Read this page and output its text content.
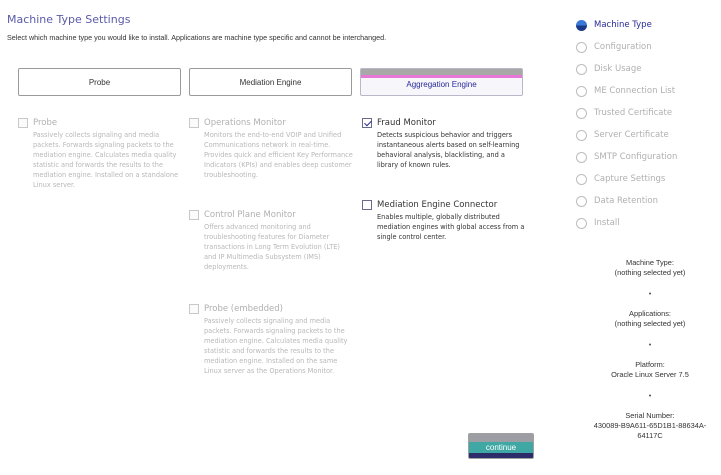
Machine Type Settings
Select which machine type you would like to install. Applications are machine type specific and cannot be interchanged.
Probe	Mediation Engine	Aggregation Engine
Probe
Passively collects signaling and media packets. Forwards signaling packets to the mediation engine. Calculates media quality statistic and forwards the results to the mediation engine. Installed on a standalone Linux server.
Operations Monitor
Monitors the end-to-end VOIP and Unified Communications network in real-time. Provides quick and efficient Key Performance Indicators (KPIs) and enables deep customer troubleshooting.
Control Plane Monitor
Offers advanced monitoring and troubleshooting features for Diameter transactions in Long Term Evolution (LTE) and IP Multimedia Subsystem (IMS) deployments.
Probe (embedded)
Passively collects signaling and media packets. Forwards signaling packets to the mediation engine. Calculates media quality statistic and forwards the results to the mediation engine. Installed on the same Linux server as the Operations Monitor.
Fraud Monitor
Detects suspicious behavior and triggers instantaneous alerts based on self-learning behavioral analysis, blacklisting, and a library of known rules.
Mediation Engine Connector
Enables multiple, globally distributed mediation engines with global access from a single control center.
Machine Type
Configuration
Disk Usage
ME Connection List
Trusted Certificate
Server Certificate
SMTP Configuration
Capture Settings
Data Retention
Install
Machine Type:
(nothing selected yet)
•
Applications:
(nothing selected yet)
•
Platform:
Oracle Linux Server 7.5
•
Serial Number:
430089-B9A611-65D1B1-88634A-
64117C
continue
